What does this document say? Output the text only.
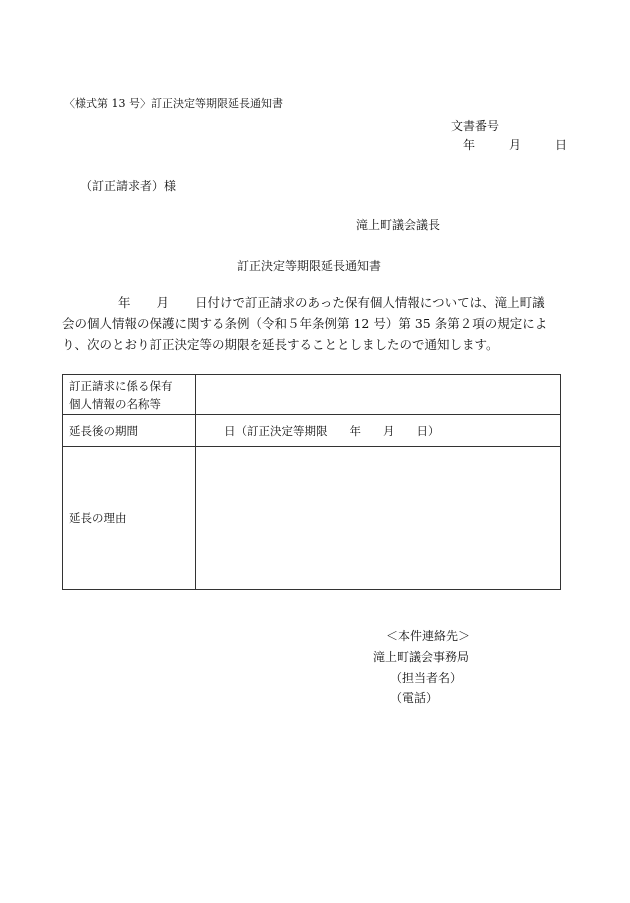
〈様式第 13 号〉訂正決定等期限延長通知書
文書番号
年	月	日
（訂正請求者）様
滝上町議会議長
訂正決定等期限延長通知書
年 月 日付けで訂正請求のあった保有個人情報については、滝上町議
会の個人情報の保護に関する条例（令和５年条例第 12 号）第 35 条第２項の規定によ
り、次のとおり訂正決定等の期限を延長することとしましたので通知します。
訂正請求に係る保有
個人情報の名称等	

延長後の期間	日（訂正決定等期限 年 月 日）
延長の理由	
＜本件連絡先＞
滝上町議会事務局
（担当者名）
（電話）
